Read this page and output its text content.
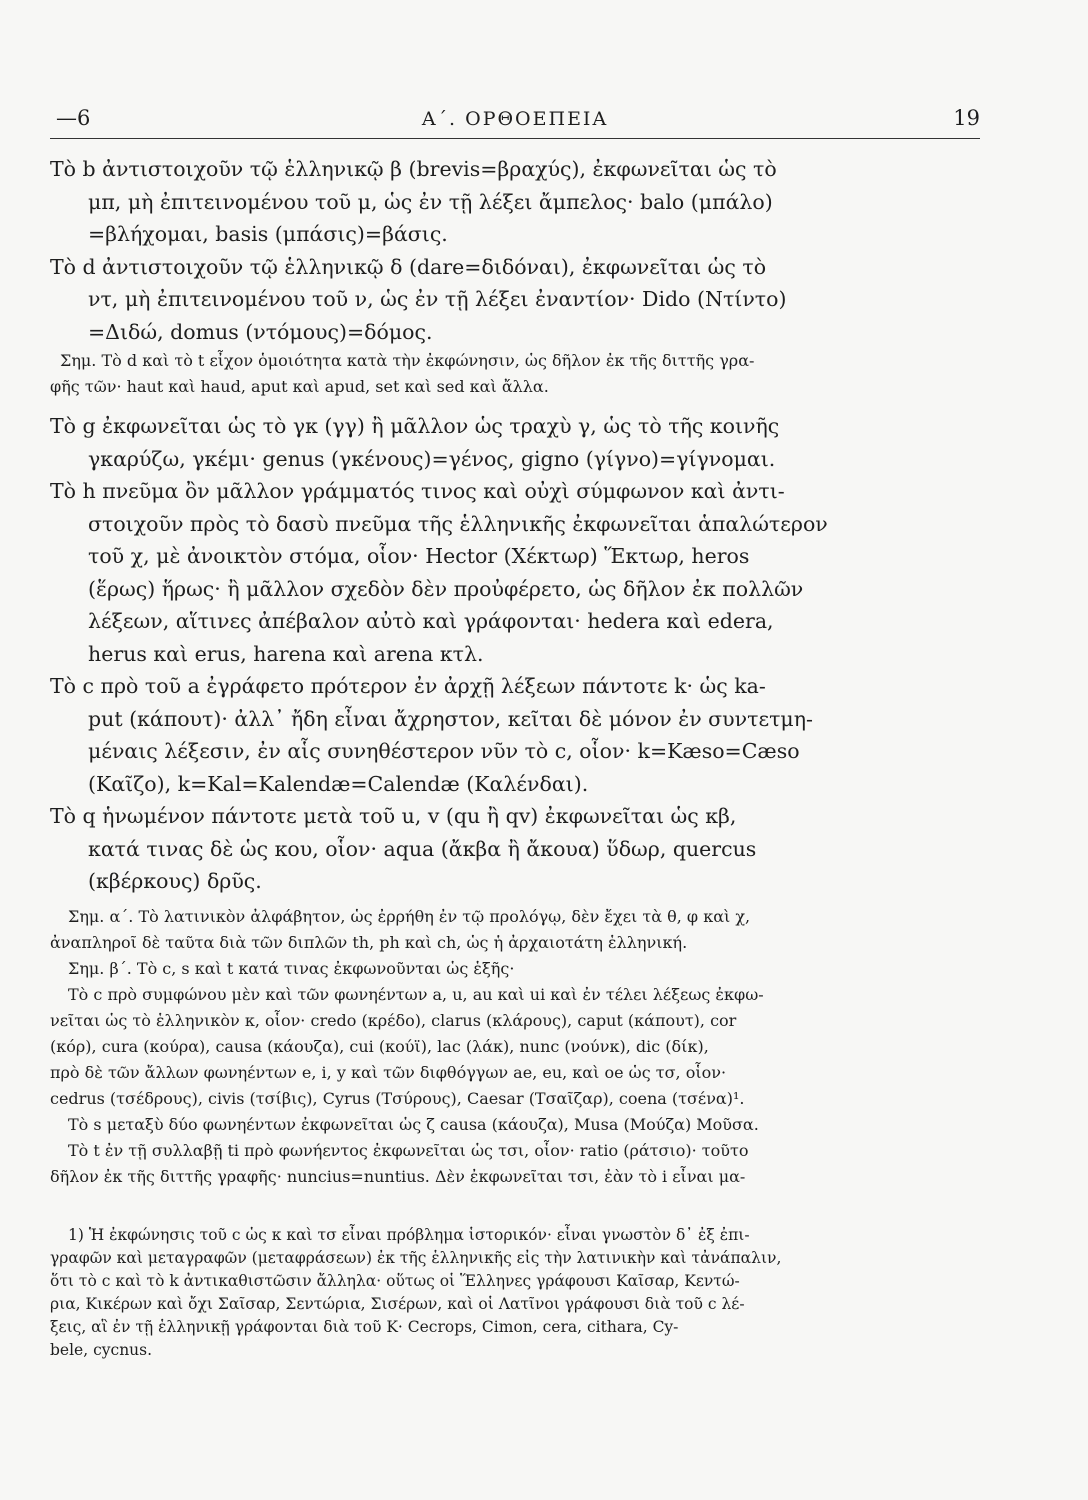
—6	Α΄. ΟΡΘΟΕΠΕΙΑ	19

Τὸ b ἀντιστοιχοῦν τῷ ἑλληνικῷ β (brevis=βραχύς), ἐκφωνεῖται ὡς τὸ
μπ, μὴ ἐπιτεινομένου τοῦ μ, ὡς ἐν τῇ λέξει ἄμπελος· balo (μπάλο)
=βλήχομαι, basis (μπάσις)=βάσις.

Τὸ d ἀντιστοιχοῦν τῷ ἑλληνικῷ δ (dare=διδόναι), ἐκφωνεῖται ὡς τὸ
ντ, μὴ ἐπιτεινομένου τοῦ ν, ὡς ἐν τῇ λέξει ἐναντίον· Dido (Ντίντο)
=Διδώ, domus (ντόμους)=δόμος.

Σημ. Τὸ d καὶ τὸ t εἶχον ὁμοιότητα κατὰ τὴν ἐκφώνησιν, ὡς δῆλον ἐκ τῆς διττῆς γρα-
φῆς τῶν· haut καὶ haud, aput καὶ apud, set καὶ sed καὶ ἄλλα.

Τὸ g ἐκφωνεῖται ὡς τὸ γκ (γγ) ἢ μᾶλλον ὡς τραχὺ γ, ὡς τὸ τῆς κοινῆς
γκαρύζω, γκέμι· genus (γκένους)=γένος, gigno (γίγνο)=γίγνομαι.

Τὸ h πνεῦμα ὂν μᾶλλον γράμματός τινος καὶ οὐχὶ σύμφωνον καὶ ἀντι-
στοιχοῦν πρὸς τὸ δασὺ πνεῦμα τῆς ἑλληνικῆς ἐκφωνεῖται ἁπαλώτερον
τοῦ χ, μὲ ἀνοικτὸν στόμα, οἷον· Hector (Χέκτωρ) Ἕκτωρ, heros
(ἕρως) ἥρως· ἢ μᾶλλον σχεδὸν δὲν προὐφέρετο, ὡς δῆλον ἐκ πολλῶν
λέξεων, αἵτινες ἀπέβαλον αὐτὸ καὶ γράφονται· hedera καὶ edera,
herus καὶ erus, harena καὶ arena κτλ.

Τὸ c πρὸ τοῦ a ἐγράφετο πρότερον ἐν ἀρχῇ λέξεων πάντοτε k· ὡς ka-
put (κάπουτ)· ἀλλ᾿ ἤδη εἶναι ἄχρηστον, κεῖται δὲ μόνον ἐν συντετμη-
μέναις λέξεσιν, ἐν αἷς συνηθέστερον νῦν τὸ c, οἷον· k=Kæso=Cæso
(Καῖζο), k=Kal=Kalendæ=Calendæ (Καλένδαι).

Τὸ q ἡνωμένον πάντοτε μετὰ τοῦ u, v (qu ἢ qv) ἐκφωνεῖται ὡς κβ,
κατά τινας δὲ ὡς κου, οἷον· aqua (ἄκβα ἢ ἄκουα) ὕδωρ, quercus
(κβέρκους) δρῦς.

Σημ. α΄. Τὸ λατινικὸν ἀλφάβητον, ὡς ἐρρήθη ἐν τῷ προλόγῳ, δὲν ἔχει τὰ θ, φ καὶ χ,
ἀναπληροῖ δὲ ταῦτα διὰ τῶν διπλῶν th, ph καὶ ch, ὡς ἡ ἀρχαιοτάτη ἑλληνική.

Σημ. β΄. Τὸ c, s καὶ t κατά τινας ἐκφωνοῦνται ὡς ἑξῆς·

Τὸ c πρὸ συμφώνου μὲν καὶ τῶν φωνηέντων a, u, au καὶ ui καὶ ἐν τέλει λέξεως ἐκφω-
νεῖται ὡς τὸ ἑλληνικὸν κ, οἷον· credo (κρέδο), clarus (κλάρους), caput (κάπουτ), cor
(κόρ), cura (κούρα), causa (κάουζα), cui (κούϊ), lac (λάκ), nunc (νούνκ), dic (δίκ),
πρὸ δὲ τῶν ἄλλων φωνηέντων e, i, y καὶ τῶν διφθόγγων ae, eu, καὶ oe ὡς τσ, οἷον·
cedrus (τσέδρους), civis (τσίβις), Cyrus (Τσύρους), Caesar (Τσαῖζαρ), coena (τσένα)¹.

Τὸ s μεταξὺ δύο φωνηέντων ἐκφωνεῖται ὡς ζ causa (κάουζα), Musa (Μούζα) Μοῦσα.

Τὸ t ἐν τῇ συλλαβῇ ti πρὸ φωνήεντος ἐκφωνεῖται ὡς τσι, οἷον· ratio (ράτσιο)· τοῦτο
δῆλον ἐκ τῆς διττῆς γραφῆς· nuncius=nuntius. Δὲν ἐκφωνεῖται τσι, ἐὰν τὸ i εἶναι μα-

1) Ἡ ἐκφώνησις τοῦ c ὡς κ καὶ τσ εἶναι πρόβλημα ἱστορικόν· εἶναι γνωστὸν δ᾿ ἐξ ἐπι-
γραφῶν καὶ μεταγραφῶν (μεταφράσεων) ἐκ τῆς ἑλληνικῆς εἰς τὴν λατινικὴν καὶ τἀνάπαλιν,
ὅτι τὸ c καὶ τὸ k ἀντικαθιστῶσιν ἄλληλα· οὕτως οἱ Ἕλληνες γράφουσι Καῖσαρ, Κεντώ-
ρια, Κικέρων καὶ ὄχι Σαῖσαρ, Σεντώρια, Σισέρων, καὶ οἱ Λατῖνοι γράφουσι διὰ τοῦ c λέ-
ξεις, αἳ ἐν τῇ ἑλληνικῇ γράφονται διὰ τοῦ Κ· Cecrops, Cimon, cera, cithara, Cy-
bele, cycnus.
